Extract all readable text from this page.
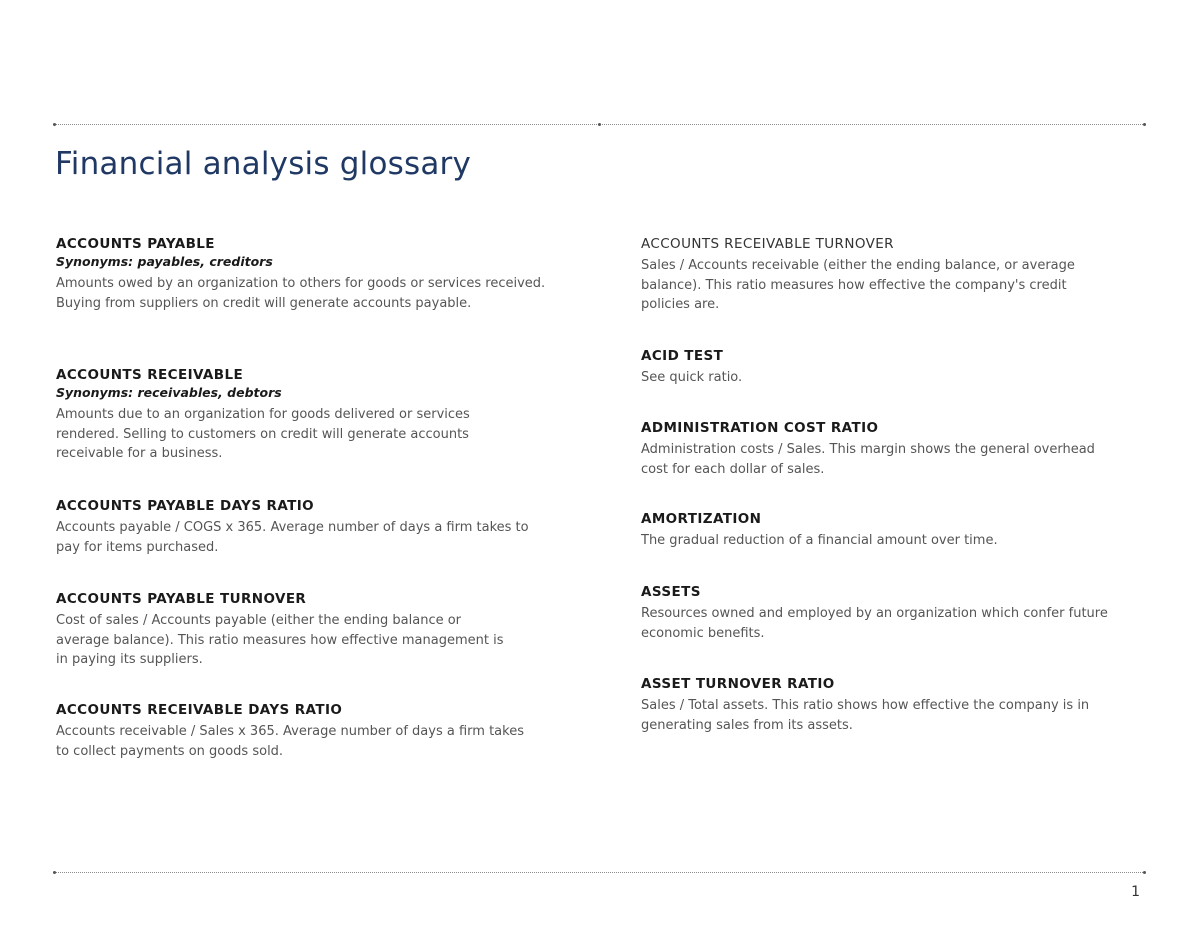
Financial analysis glossary

ACCOUNTS PAYABLE

Synonyms: payables, creditors

Amounts owed by an organization to others for goods or services received. Buying from suppliers on credit will generate accounts payable.

ACCOUNTS RECEIVABLE

Synonyms: receivables, debtors

Amounts due to an organization for goods delivered or services rendered. Selling to customers on credit will generate accounts receivable for a business.

ACCOUNTS PAYABLE DAYS RATIO

Accounts payable / COGS x 365. Average number of days a firm takes to pay for items purchased.

ACCOUNTS PAYABLE TURNOVER

Cost of sales / Accounts payable (either the ending balance or average balance). This ratio measures how effective management is in paying its suppliers.

ACCOUNTS RECEIVABLE DAYS RATIO

Accounts receivable / Sales x 365. Average number of days a firm takes to collect payments on goods sold.

ACCOUNTS RECEIVABLE TURNOVER

Sales / Accounts receivable (either the ending balance, or average balance). This ratio measures how effective the company's credit policies are.

ACID TEST

See quick ratio.

ADMINISTRATION COST RATIO

Administration costs / Sales. This margin shows the general overhead cost for each dollar of sales.

AMORTIZATION

The gradual reduction of a financial amount over time.

ASSETS

Resources owned and employed by an organization which confer future economic benefits.

ASSET TURNOVER RATIO

Sales / Total assets. This ratio shows how effective the company is in generating sales from its assets.

1
